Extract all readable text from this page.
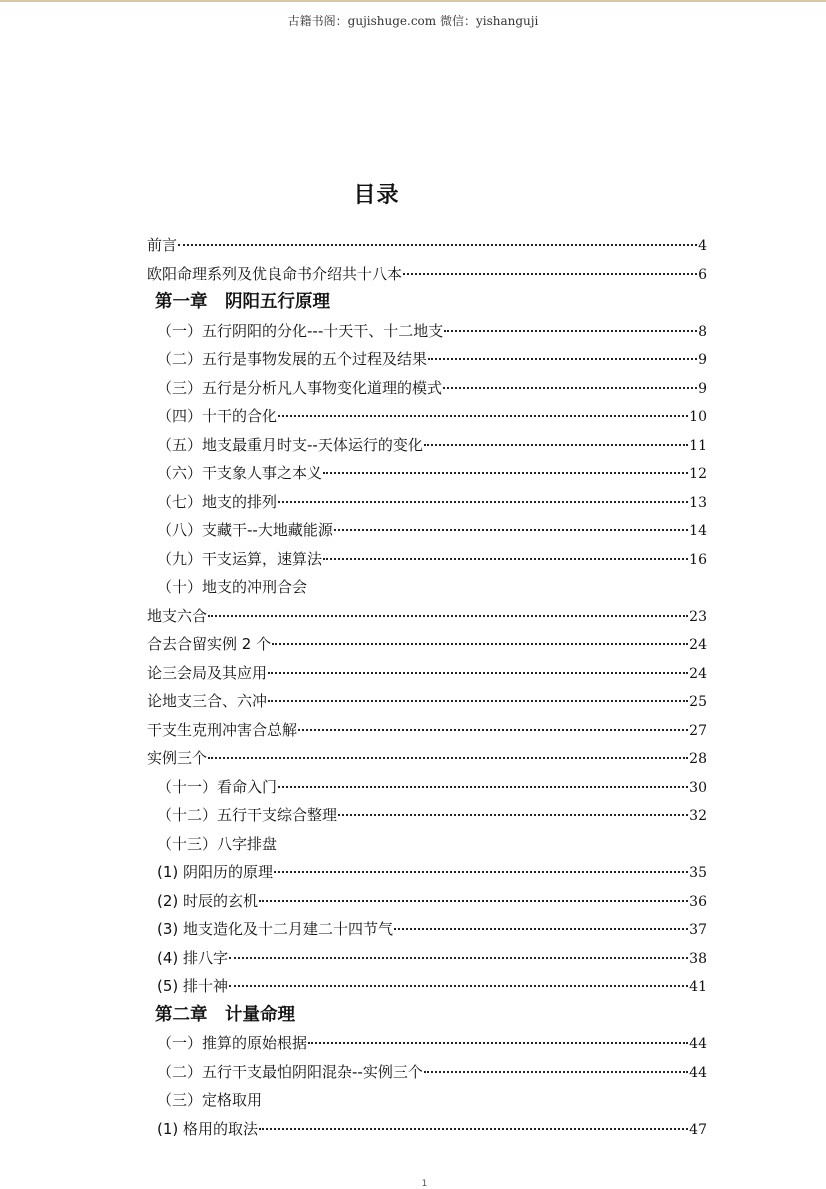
古籍书阁：gujishuge.com 微信：yishanguji
目录
前言	4
欧阳命理系列及优良命书介绍共十八本	6
第一章　阴阳五行原理
（一）五行阴阳的分化---十天干、十二地支	8
（二）五行是事物发展的五个过程及结果	9
（三）五行是分析凡人事物变化道理的模式	9
（四）十干的合化	10
（五）地支最重月时支--天体运行的变化	11
（六）干支象人事之本义	12
（七）地支的排列	13
（八）支藏干--大地藏能源	14
（九）干支运算，速算法	16
（十）地支的冲刑合会
地支六合	23
合去合留实例 2 个	24
论三会局及其应用	24
论地支三合、六冲	25
干支生克刑冲害合总解	27
实例三个	28
（十一）看命入门	30
（十二）五行干支综合整理	32
（十三）八字排盘
(1) 阴阳历的原理	35
(2) 时辰的玄机	36
(3) 地支造化及十二月建二十四节气	37
(4) 排八字	38
(5) 排十神	41
第二章　计量命理
（一）推算的原始根据	44
（二）五行干支最怕阴阳混杂--实例三个	44
（三）定格取用
(1) 格用的取法	47
1
